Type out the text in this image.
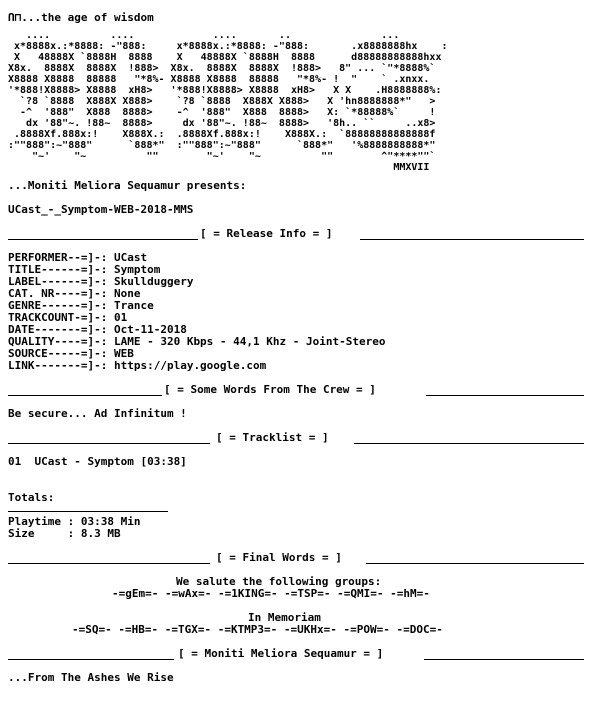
Ո⊓...the age of wisdom
....          ....             ....       ..               ...
x*8888x.:*8888: -"888:     x*8888x.:*8888: -"888:       .x8888888hx    :
X   48888X `8888H  8888    X   48888X `8888H  8888      d88888888888hxx
X8x.  8888X  8888X  !888>  X8x.  8888X  8888X  !888>   8" ... `"*8888%`
X8888 X8888  88888   "*8%- X8888 X8888  88888   "*8%- !  "    ` .xnxx.
'*888!X8888> X8888  xH8>   '*888!X8888> X8888  xH8>   X X    .H8888888%:
`?8 `8888  X888X X888>    `?8 `8888  X888X X888>   X 'hn8888888*"   >
-^  '888"  X888  8888>    -^  '888"  X888  8888>   X: `*88888%`     !
dx '88"~. !88~  8888>     dx '88"~. !88~  8888>   '8h.. ``     ..x8>
.8888Xf.888x:!    X888X.:  .8888Xf.888x:!    X888X.:  `88888888888888f
:""888":~"888"      `888*"  :""888":~"888"      `888*"   '%8888888888*"
"~'    "~          ""        "~'    "~          ""        ^"****""`
MMXVII
...Moniti Meliora Sequamur presents:
UCast_-_Symptom-WEB-2018-MMS

[ = Release Info = ]

PERFORMER--=]-: UCast
TITLE------=]-: Symptom
LABEL------=]-: Skullduggery
CAT. NR----=]-: None
GENRE------=]-: Trance
TRACKCOUNT-=]-: 01
DATE-------=]-: Oct-11-2018
QUALITY----=]-: LAME - 320 Kbps - 44,1 Khz - Joint-Stereo
SOURCE-----=]-: WEB
LINK-------=]-: https://play.google.com

[ = Some Words From The Crew = ]

Be secure... Ad Infinitum !

[ = Tracklist = ]

01  UCast - Symptom [03:38]
Totals:
Playtime : 03:38 Min
Size     : 8.3 MB

[ = Final Words = ]

We salute the following groups:
-=gEm=- -=wAx=- -=1KING=- -=TSP=- -=QMI=- -=hM=-
In Memoriam
-=SQ=- -=HB=- -=TGX=- -=KTMP3=- -=UKHx=- -=POW=- -=DOC=-

[ = Moniti Meliora Sequamur = ]

...From The Ashes We Rise
